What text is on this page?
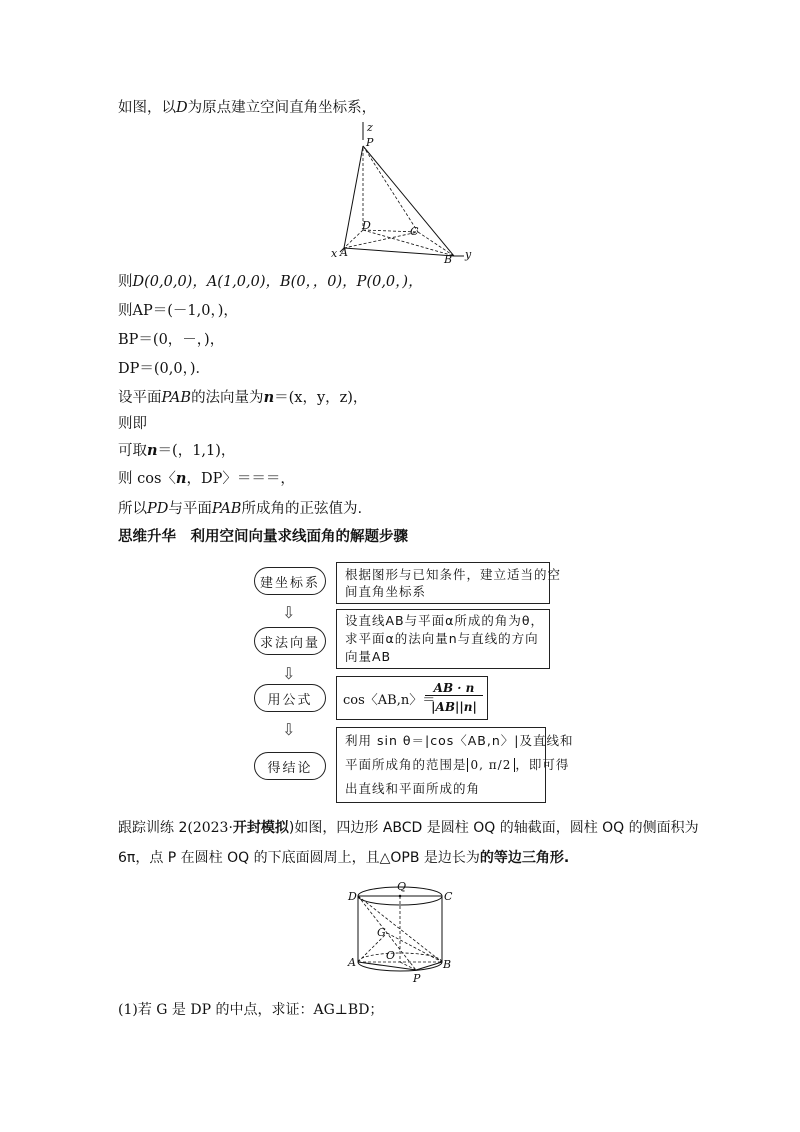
如图，以D为原点建立空间直角坐标系，
z
P
D	C
x A
B y
则D(0,0,0)，A(1,0,0)，B(0，，0)，P(0,0，)，
则AP＝(－1,0，)，
BP＝(0，－，)，
DP＝(0,0，)．
设平面PAB的法向量为n＝(x，y，z)，
则即
可取n＝(，1,1)，
则 cos〈n，DP〉＝＝＝，
所以PD与平面PAB所成角的正弦值为.
思维升华　利用空间向量求线面角的解题步骤
建坐标系
根据图形与已知条件，建立适当的空
间直角坐标系
⇩
求法向量
设直线AB与平面α所成的角为θ，
求平面α的法向量n与直线的方向
向量AB
⇩
用公式	cos〈AB,n〉＝
AB · n
|AB||n|
⇩
得结论
利用 sin θ＝|cos〈AB,n〉|及直线和
平面所成角的范围是 0, π/2 ，即可得
出直线和平面所成的角
跟踪训练 2(2023·开封模拟)如图，四边形 ABCD 是圆柱 OQ 的轴截面，圆柱 OQ 的侧面积为
6π，点 P 在圆柱 OQ 的下底面圆周上，且△OPB 是边长为的等边三角形.
D
Q
C
G
O
A	B
P
(1)若 G 是 DP 的中点，求证：AG⊥BD；
